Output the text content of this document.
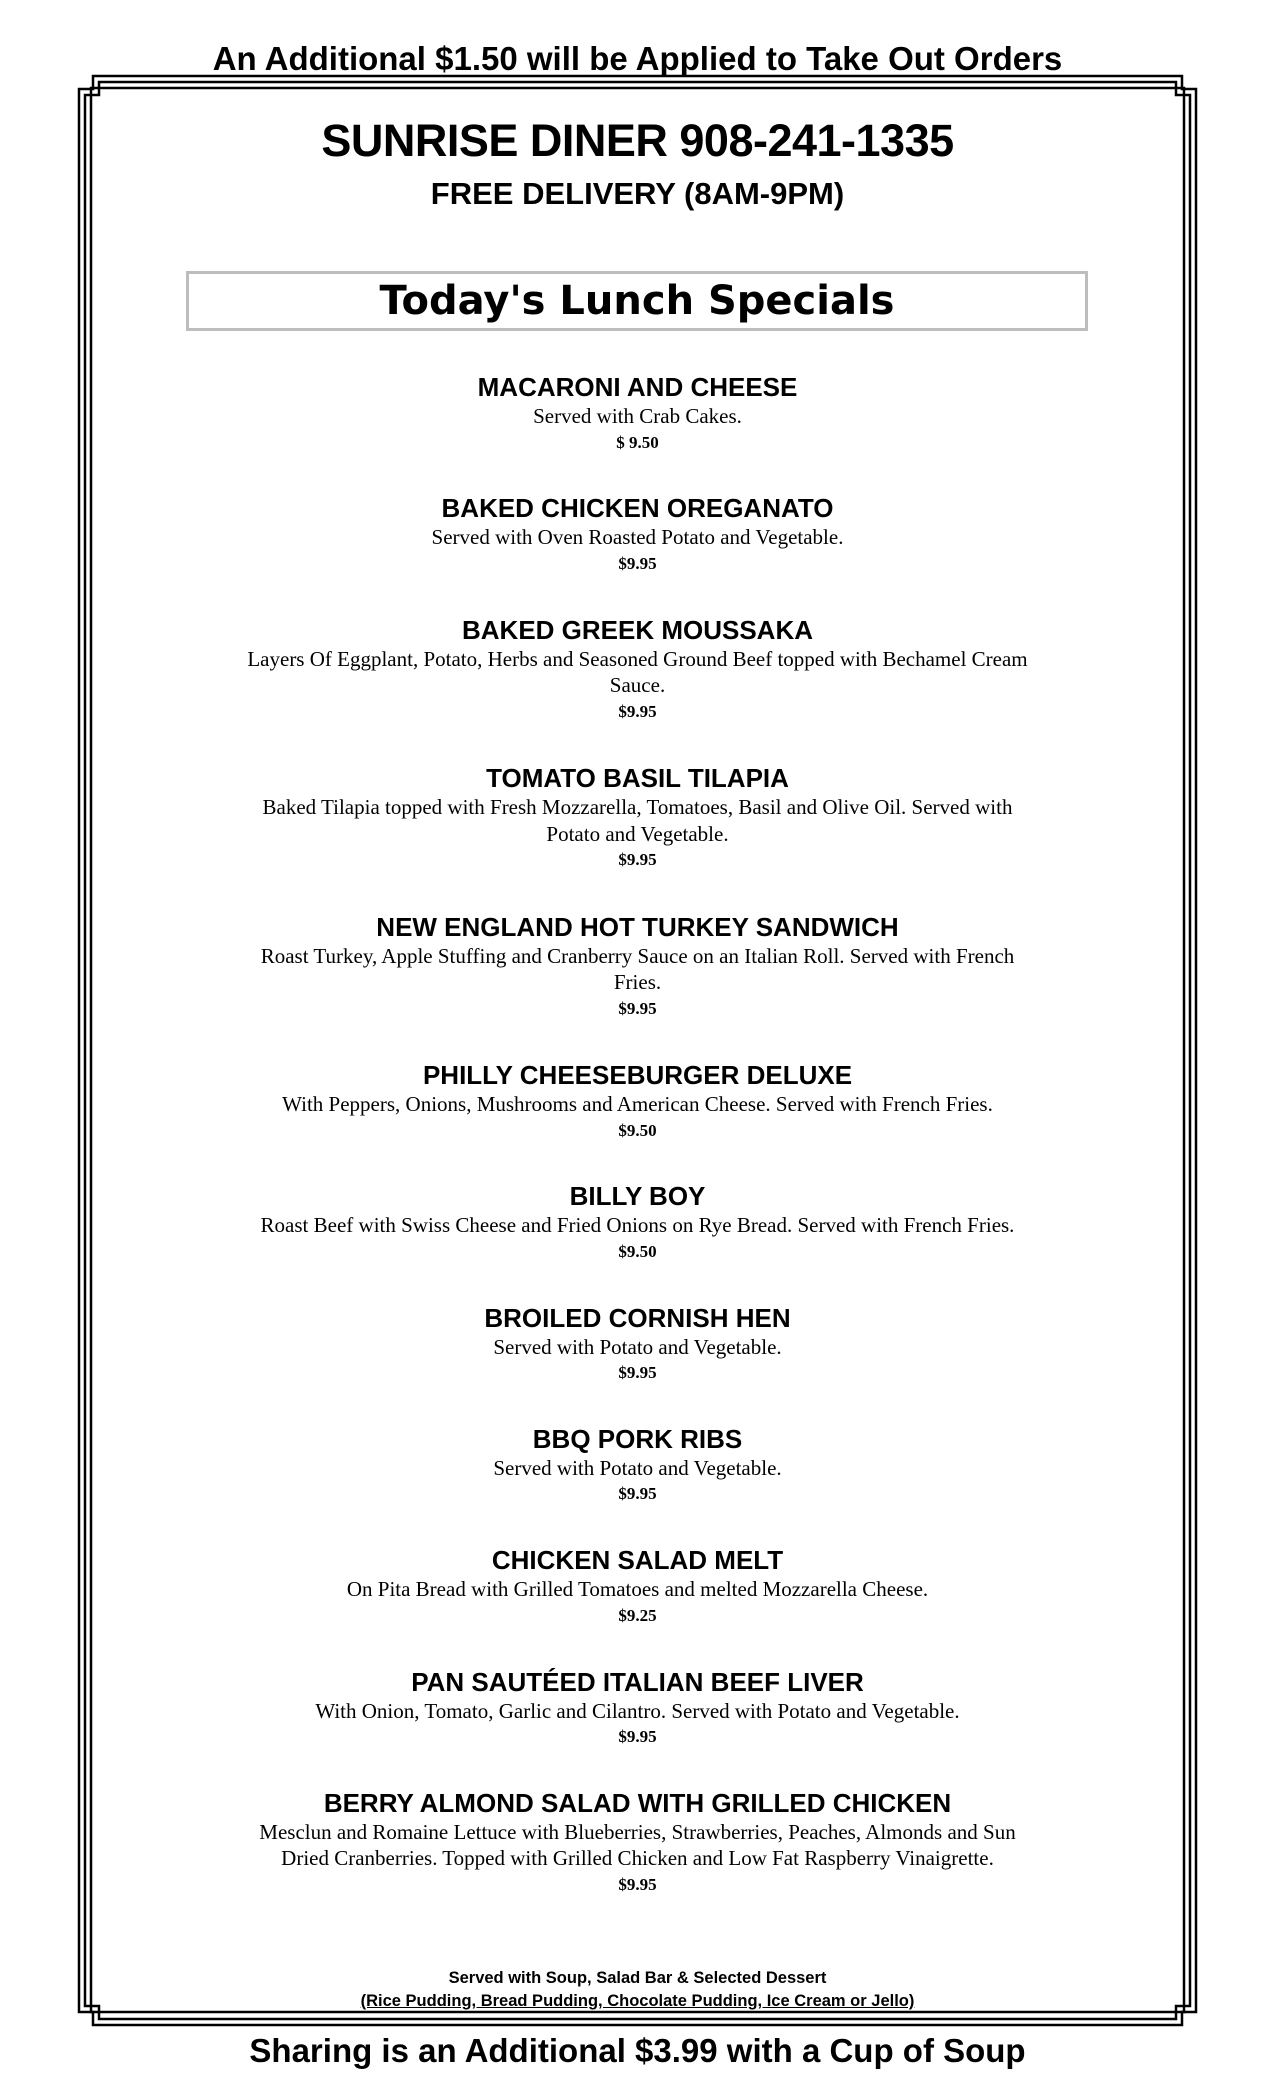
An Additional $1.50 will be Applied to Take Out Orders

SUNRISE DINER 908-241-1335

FREE DELIVERY (8AM-9PM)

Today's Lunch Specials

MACARONI AND CHEESE

Served with Crab Cakes.

$ 9.50

BAKED CHICKEN OREGANATO

Served with Oven Roasted Potato and Vegetable.

$9.95

BAKED GREEK MOUSSAKA

Layers Of Eggplant, Potato, Herbs and Seasoned Ground Beef topped with Bechamel Cream

Sauce.

$9.95

TOMATO BASIL TILAPIA

Baked Tilapia topped with Fresh Mozzarella, Tomatoes, Basil and Olive Oil. Served with

Potato and Vegetable.

$9.95

NEW ENGLAND HOT TURKEY SANDWICH

Roast Turkey, Apple Stuffing and Cranberry Sauce on an Italian Roll. Served with French

Fries.

$9.95

PHILLY CHEESEBURGER DELUXE

With Peppers, Onions, Mushrooms and American Cheese. Served with French Fries.

$9.50

BILLY BOY

Roast Beef with Swiss Cheese and Fried Onions on Rye Bread. Served with French Fries.

$9.50

BROILED CORNISH HEN

Served with Potato and Vegetable.

$9.95

BBQ PORK RIBS

Served with Potato and Vegetable.

$9.95

CHICKEN SALAD MELT

On Pita Bread with Grilled Tomatoes and melted Mozzarella Cheese.

$9.25

PAN SAUTÉED ITALIAN BEEF LIVER

With Onion, Tomato, Garlic and Cilantro. Served with Potato and Vegetable.

$9.95

BERRY ALMOND SALAD WITH GRILLED CHICKEN

Mesclun and Romaine Lettuce with Blueberries, Strawberries, Peaches, Almonds and Sun

Dried Cranberries. Topped with Grilled Chicken and Low Fat Raspberry Vinaigrette.

$9.95

Served with Soup, Salad Bar & Selected Dessert
(Rice Pudding, Bread Pudding, Chocolate Pudding, Ice Cream or Jello)

Sharing is an Additional $3.99 with a Cup of Soup
